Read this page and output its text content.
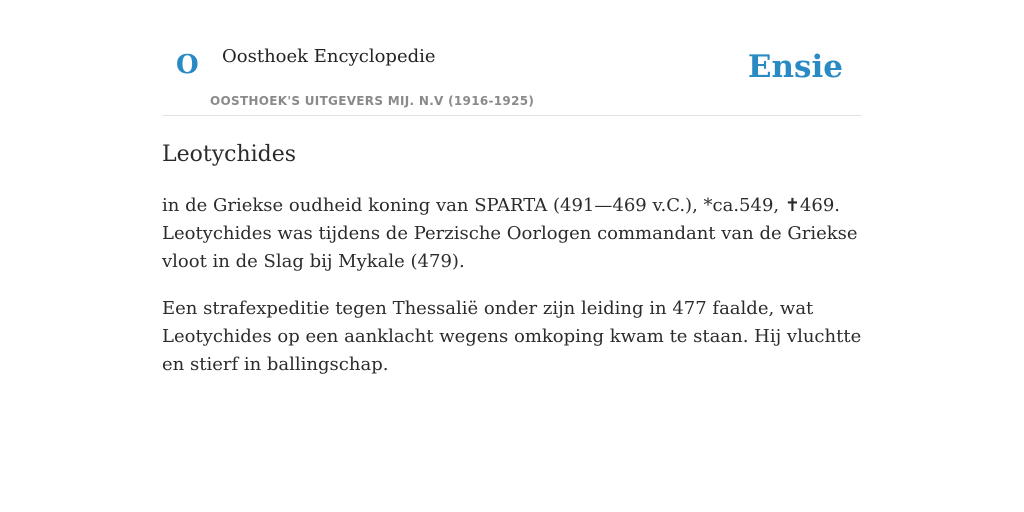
O Oosthoek Encyclopedie
OOSTHOEK'S UITGEVERS MIJ. N.V (1916-1925)
Ensie
Leotychides

in de Griekse oudheid koning van SPARTA (491—469 v.C.), *ca.549, ✝469. Leotychides was tijdens de Perzische Oorlogen commandant van de Griekse vloot in de Slag bij Mykale (479).

Een strafexpeditie tegen Thessalië onder zijn leiding in 477 faalde, wat Leotychides op een aanklacht wegens omkoping kwam te staan. Hij vluchtte en stierf in ballingschap.
